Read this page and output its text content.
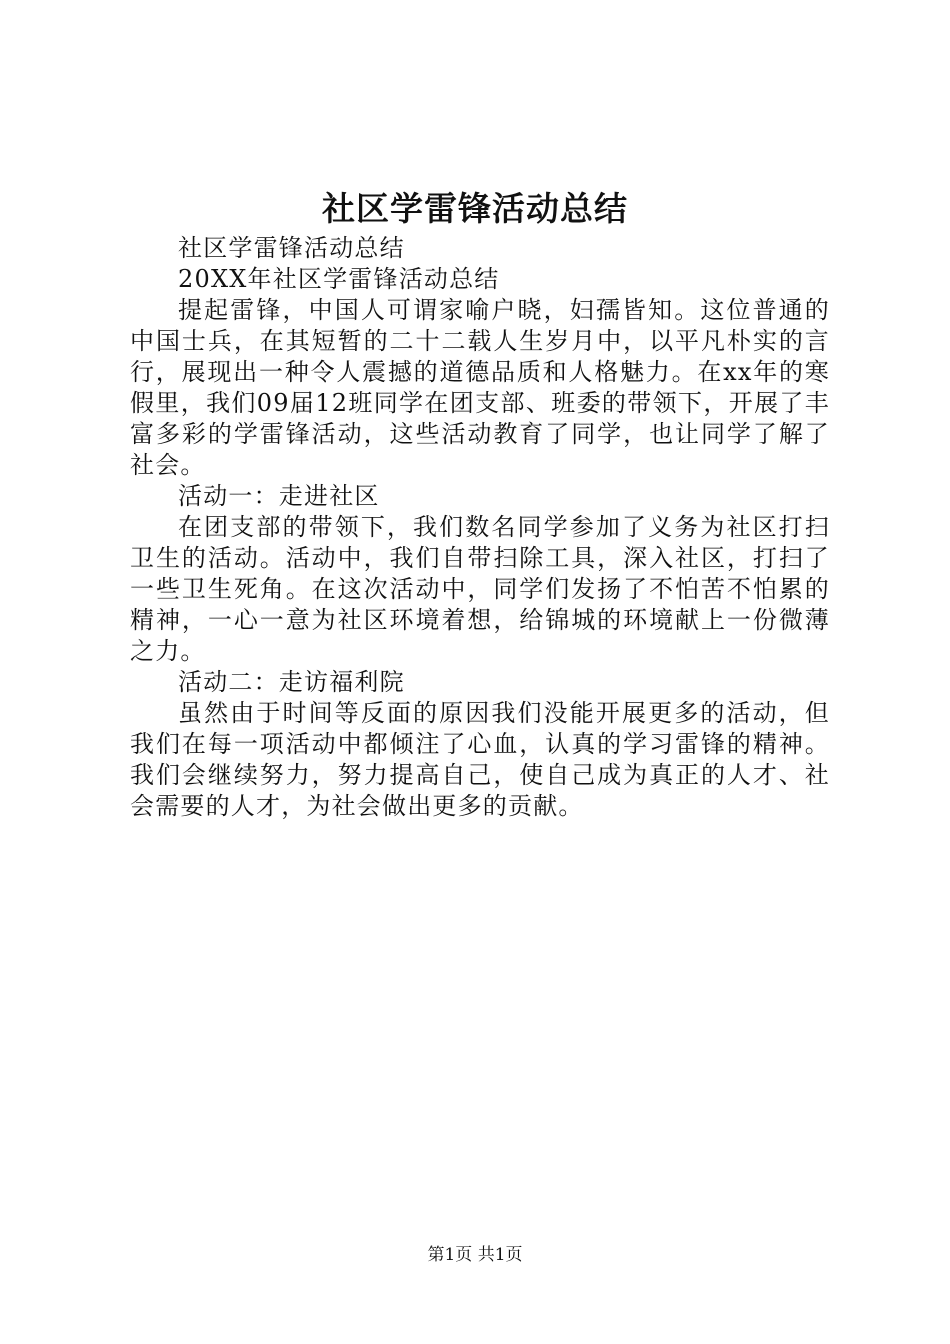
社区学雷锋活动总结

社区学雷锋活动总结

20XX年社区学雷锋活动总结

提起雷锋，中国人可谓家喻户晓，妇孺皆知。这位普通的中国士兵，在其短暂的二十二载人生岁月中，以平凡朴实的言行，展现出一种令人震撼的道德品质和人格魅力。在xx年的寒假里，我们09届12班同学在团支部、班委的带领下，开展了丰富多彩的学雷锋活动，这些活动教育了同学，也让同学了解了社会。

活动一：走进社区

在团支部的带领下，我们数名同学参加了义务为社区打扫卫生的活动。活动中，我们自带扫除工具，深入社区，打扫了一些卫生死角。在这次活动中，同学们发扬了不怕苦不怕累的精神，一心一意为社区环境着想，给锦城的环境献上一份微薄之力。

活动二：走访福利院

虽然由于时间等反面的原因我们没能开展更多的活动，但我们在每一项活动中都倾注了心血，认真的学习雷锋的精神。我们会继续努力，努力提高自己，使自己成为真正的人才、社会需要的人才，为社会做出更多的贡献。

第1页 共1页
